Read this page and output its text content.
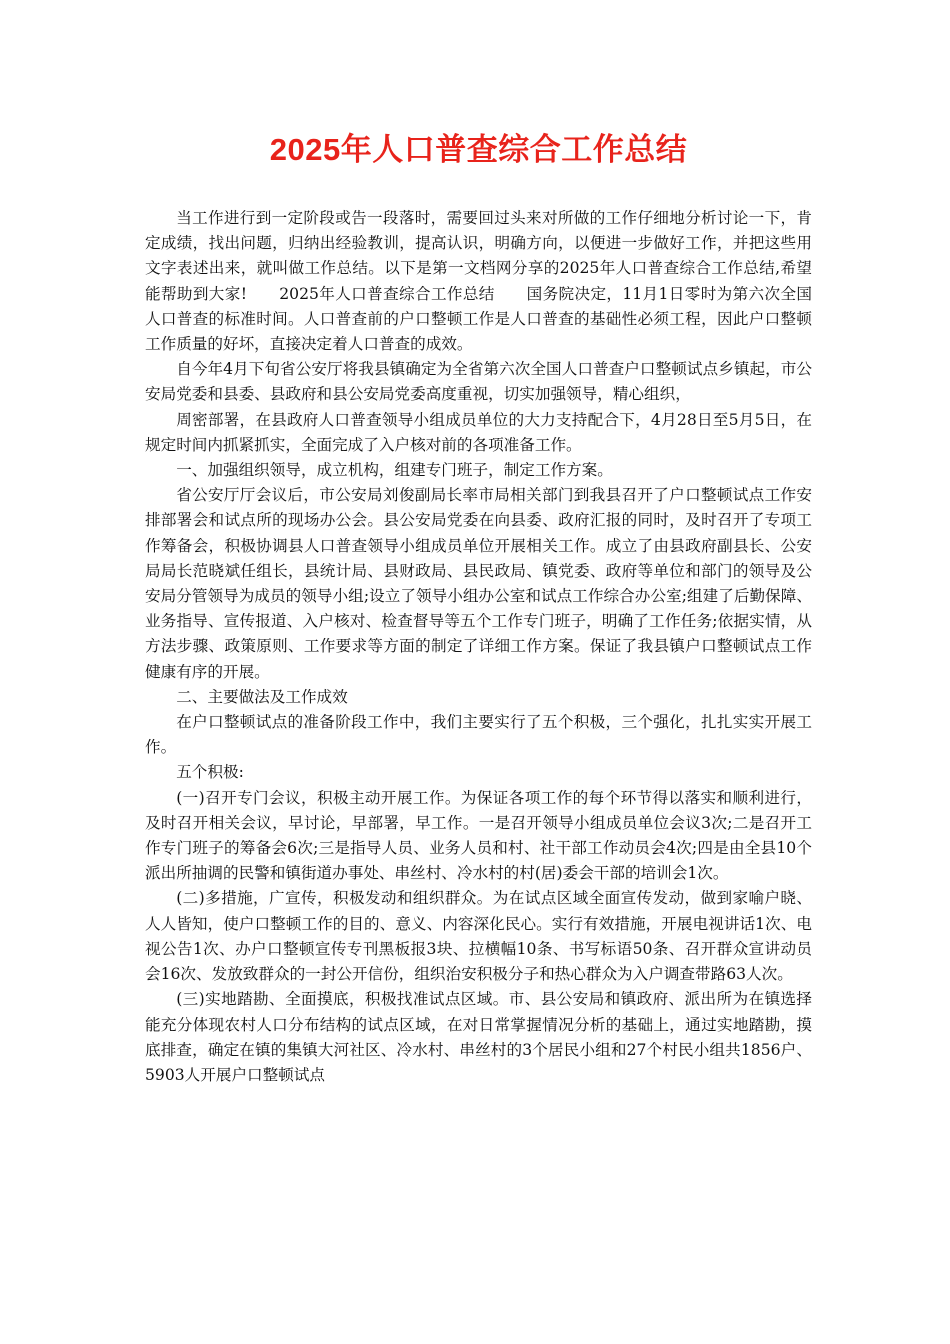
2025年人口普查综合工作总结

当工作进行到一定阶段或告一段落时，需要回过头来对所做的工作仔细地分析讨论一下，肯定成绩，找出问题，归纳出经验教训，提高认识，明确方向，以便进一步做好工作，并把这些用文字表述出来，就叫做工作总结。以下是第一文档网分享的2025年人口普查综合工作总结,希望能帮助到大家!　　2025年人口普查综合工作总结　　国务院决定，11月1日零时为第六次全国人口普查的标准时间。人口普查前的户口整顿工作是人口普查的基础性必须工程，因此户口整顿工作质量的好坏，直接决定着人口普查的成效。

自今年4月下旬省公安厅将我县镇确定为全省第六次全国人口普查户口整顿试点乡镇起，市公安局党委和县委、县政府和县公安局党委高度重视，切实加强领导，精心组织，

周密部署，在县政府人口普查领导小组成员单位的大力支持配合下，4月28日至5月5日，在规定时间内抓紧抓实，全面完成了入户核对前的各项准备工作。

一、加强组织领导，成立机构，组建专门班子，制定工作方案。

省公安厅厅会议后，市公安局刘俊副局长率市局相关部门到我县召开了户口整顿试点工作安排部署会和试点所的现场办公会。县公安局党委在向县委、政府汇报的同时，及时召开了专项工作筹备会，积极协调县人口普查领导小组成员单位开展相关工作。成立了由县政府副县长、公安局局长范晓斌任组长，县统计局、县财政局、县民政局、镇党委、政府等单位和部门的领导及公安局分管领导为成员的领导小组;设立了领导小组办公室和试点工作综合办公室;组建了后勤保障、业务指导、宣传报道、入户核对、检查督导等五个工作专门班子，明确了工作任务;依据实情，从方法步骤、政策原则、工作要求等方面的制定了详细工作方案。保证了我县镇户口整顿试点工作健康有序的开展。

二、主要做法及工作成效

在户口整顿试点的准备阶段工作中，我们主要实行了五个积极，三个强化，扎扎实实开展工作。

五个积极:

(一)召开专门会议，积极主动开展工作。为保证各项工作的每个环节得以落实和顺利进行，及时召开相关会议，早讨论，早部署，早工作。一是召开领导小组成员单位会议3次;二是召开工作专门班子的筹备会6次;三是指导人员、业务人员和村、社干部工作动员会4次;四是由全县10个派出所抽调的民警和镇街道办事处、串丝村、冷水村的村(居)委会干部的培训会1次。

(二)多措施，广宣传，积极发动和组织群众。为在试点区域全面宣传发动，做到家喻户晓、人人皆知，使户口整顿工作的目的、意义、内容深化民心。实行有效措施，开展电视讲话1次、电视公告1次、办户口整顿宣传专刊黑板报3块、拉横幅10条、书写标语50条、召开群众宣讲动员会16次、发放致群众的一封公开信份，组织治安积极分子和热心群众为入户调查带路63人次。

(三)实地踏勘、全面摸底，积极找准试点区域。市、县公安局和镇政府、派出所为在镇选择能充分体现农村人口分布结构的试点区域，在对日常掌握情况分析的基础上，通过实地踏勘，摸底排查，确定在镇的集镇大河社区、冷水村、串丝村的3个居民小组和27个村民小组共1856户、5903人开展户口整顿试点
